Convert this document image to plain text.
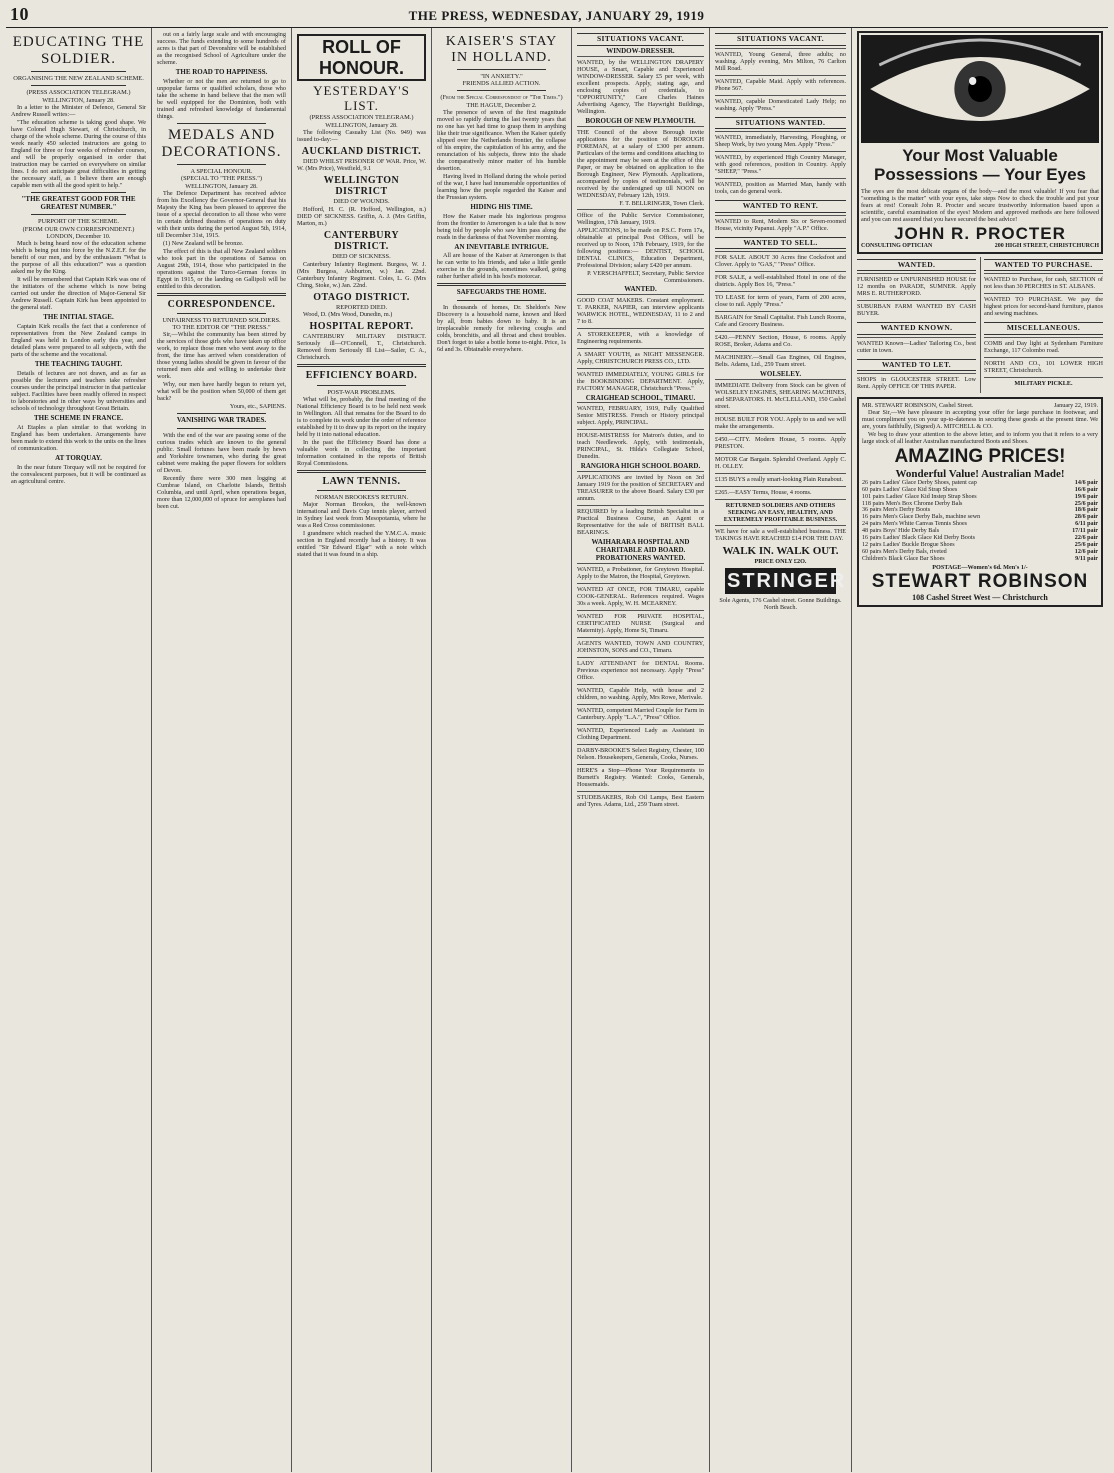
10	THE PRESS, WEDNESDAY, JANUARY 29, 1919
EDUCATING THE SOLDIER.
ORGANISING THE NEW ZEALAND SCHEME.
(PRESS ASSOCIATION TELEGRAM.)
WELLINGTON, January 28.

In a letter to the Minister of Defence, General Sir Andrew Russell writes:—

"The education scheme is taking good shape. We have Colonel Hugh Stewart, of Christchurch, in charge of the whole scheme. During the course of this week nearly 450 selected instructors are going to England for three or four weeks of refresher courses, and will be properly organised in order that instruction may be carried on everywhere on similar lines. I do not anticipate great difficulties in getting the necessary staff, as I believe there are enough capable men with all the good spirit to help."

"THE GREATEST GOOD FOR THE GREATEST NUMBER."
PURPORT OF THE SCHEME.
(FROM OUR OWN CORRESPONDENT.)
LONDON, December 10.

Much is being heard now of the education scheme which is being put into force by the N.Z.E.F. for the benefit of our men, and by the enthusiasm "What is the purpose of all this education?" was a question asked me by the King.

It will be remembered that Captain Kirk was one of the initiators of the scheme which is now being carried out under the direction of Major-General Sir Andrew Russell. Captain Kirk has been appointed to the general staff.

THE INITIAL STAGE.

Captain Kirk recalls the fact that a conference of representatives from the New Zealand camps in England was held in London early this year, and detailed plans were prepared to all subjects, with the parts of the scheme and the vocational.

THE TEACHING TAUGHT.

Details of lectures are not drawn, and as far as possible the lecturers and teachers take refresher courses under the principal instructor in that particular subject. Facilities have been readily offered in respect to laboratories and in other ways by universities and schools of technology throughout Great Britain.

THE SCHEME IN FRANCE.

At Etaples a plan similar to that working in England has been undertaken. Arrangements have been made to extend this work to the units on the lines of communication.

AT TORQUAY.

In the near future Torquay will not be required for the convalescent purposes, but it will be continued as an agricultural centre.

out on a fairly large scale and with encouraging success. The funds extending to some hundreds of acres is that part of Devonshire will be established as the recognised School of Agriculture under the scheme.

THE ROAD TO HAPPINESS.

Whether or not the men are returned to go to unpopular farms or qualified scholars, those who take the scheme in hand believe that the men will be well equipped for the Dominion, both with trained and refreshed knowledge of fundamental things.

MEDALS AND DECORATIONS.
A SPECIAL HONOUR.
(SPECIAL TO "THE PRESS.")
WELLINGTON, January 28.

The Defence Department has received advice from his Excellency the Governor-General that his Majesty the King has been pleased to approve the issue of a special decoration to all those who were in certain defined theatres of operations on duty with their units during the period August 5th, 1914, till December 31st, 1915.

(1) New Zealand will be bronze.

The effect of this is that all New Zealand soldiers who took part in the operations of Samoa on August 29th, 1914, those who participated in the operations against the Turco-German forces in Egypt in 1915, or the landing on Gallipoli will be entitled to this decoration.

CORRESPONDENCE.
UNFAIRNESS TO RETURNED SOLDIERS.
TO THE EDITOR OF "THE PRESS."

Sir,—Whilst the community has been stirred by the services of those girls who have taken up office work, to replace those men who went away to the front, the time has arrived when consideration of those young ladies should be given in favour of the returned men able and willing to undertake their work.

Why, our men have hardly begun to return yet, what will be the position when 50,000 of them get back?

Yours, etc., SAPIENS.
VANISHING WAR TRADES.

With the end of the war are passing some of the curious trades which are known to the general public. Small fortunes have been made by hewn and Yorkshire townsmen, who during the great cabinet were making the paper flowers for soldiers of Devon.

Recently there were 300 men logging at Cumbrae Island, on Charlotte Islands, British Columbia, and until April, when operations began, more than 12,000,000 of spruce for aeroplanes had been cut.

ROLL OF HONOUR.
YESTERDAY'S LIST.
(PRESS ASSOCIATION TELEGRAM.)
WELLINGTON, January 28.

The following Casualty List (No. 949) was issued to-day:—

AUCKLAND DISTRICT.

DIED WHILST PRISONER OF WAR. Price, W. W. (Mrs Price), Westfield, 9.1

WELLINGTON DISTRICT
DIED OF WOUNDS.

Hofford, H. C. (R. Hofford, Wellington, n.) DIED OF SICKNESS. Griffin, A. J. (Mrs Griffin, Marton, m.)

CANTERBURY DISTRICT.
DIED OF SICKNESS.

Canterbury Infantry Regiment. Burgess, W. J. (Mrs Burgess, Ashburton, w.) Jan. 22nd. Canterbury Infantry Regiment. Coles, L. G. (Mrs Ching, Stoke, w.) Jan. 22nd.

OTAGO DISTRICT.
REPORTED DIED.

Wood, D. (Mrs Wood, Dunedin, m.)

HOSPITAL REPORT.

CANTERBURY MILITARY DISTRICT. Seriously ill—O'Connell, T., Christchurch. Removed from Seriously Ill List—Sailer, C. A., Christchurch.

EFFICIENCY BOARD.
POST-WAR PROBLEMS.

What will be, probably, the final meeting of the National Efficiency Board is to be held next week in Wellington. All that remains for the Board to do is to complete its work under the order of reference established by it to draw up its report on the inquiry held by it into national education.

In the past the Efficiency Board has done a valuable work in collecting the important information contained in the reports of British Royal Commissions.

LAWN TENNIS.
NORMAN BROOKES'S RETURN.

Major Norman Brookes, the well-known international and Davis Cup tennis player, arrived in Sydney last week from Mesopotamia, where he was a Red Cross commissioner.

I grandmere which reached the Y.M.C.A. music section in England recently had a history. It was entitled "Sir Edward Elgar" with a note which stated that it was found in a ship.

KAISER'S STAY IN HOLLAND.
"IN ANXIETY."
FRIENDS ALLIED ACTION.
(From the Special Correspondent of "The Times.")
THE HAGUE, December 2.

The presence of seven of the first magnitude moved so rapidly during the last twenty years that no one has yet had time to grasp them in anything like their true significance. When the Kaiser quietly slipped over the Netherlands frontier, the collapse of his empire, the capitulation of his army, and the renunciation of his subjects, threw into the shade the comparatively minor matter of his humble desertion.

Having lived in Holland during the whole period of the war, I have had innumerable opportunities of learning how the people regarded the Kaiser and the Prussian system.

HIDING HIS TIME.

How the Kaiser made his inglorious progress from the frontier to Amerongen is a tale that is now being told by people who saw him pass along the roads in the darkness of that November morning.

AN INEVITABLE INTRIGUE.

All are house of the Kaiser at Amerongen is that he can write to his friends, and take a little gentle exercise in the grounds, sometimes walked, going rather further afield in his host's motorcar.

SAFEGUARDS THE HOME.

In thousands of homes, Dr. Sheldon's New Discovery is a household name, known and liked by all, from babies down to baby. It is an irreplaceable remedy for relieving coughs and colds, bronchitis, and all throat and chest troubles. Don't forget to take a bottle home to-night. Price, 1s 6d and 3s. Obtainable everywhere.

SITUATIONS VACANT.
WINDOW-DRESSER.

WANTED, by the WELLINGTON DRAPERY HOUSE, a Smart, Capable and Experienced WINDOW-DRESSER. Salary £5 per week, with excellent prospects. Apply, stating age, and enclosing copies of credentials, to "OPPORTUNITY," Care Charles Haines Advertising Agency, The Haywright Buildings, Wellington.

BOROUGH OF NEW PLYMOUTH.

THE Council of the above Borough invite applications for the position of BOROUGH FOREMAN, at a salary of £300 per annum. Particulars of the terms and conditions attaching to the appointment may be seen at the office of this Paper, or may be obtained on application to the Borough Engineer, New Plymouth. Applications, accompanied by copies of testimonials, will be received by the undersigned up till NOON on WEDNESDAY, February 12th, 1919.

F. T. BELLRINGER, Town Clerk.

Office of the Public Service Commissioner, Wellington, 17th January, 1919.

APPLICATIONS, to be made on P.S.C. Form 17a, obtainable at principal Post Offices, will be received up to Noon, 17th February, 1919, for the following positions:— DENTIST, SCHOOL DENTAL CLINICS, Education Department, Professional Division; salary £420 per annum.

P. VERSCHAFFELT, Secretary, Public Service Commissioners.
WANTED.

GOOD COAT MAKERS. Constant employment. T. PARKER, NAPIER, can interview applicants WARWICK HOTEL, WEDNESDAY, 11 to 2 and 7 to 8.

A STOREKEEPER, with a knowledge of Engineering requirements.

A SMART YOUTH, as NIGHT MESSENGER. Apply, CHRISTCHURCH PRESS CO., LTD.

WANTED IMMEDIATELY, YOUNG GIRLS for the BOOKBINDING DEPARTMENT. Apply, FACTORY MANAGER, Christchurch "Press."

CRAIGHEAD SCHOOL, TIMARU.

WANTED, FEBRUARY, 1919, Fully Qualified Senior MISTRESS. French or History principal subject. Apply, PRINCIPAL.

HOUSE-MISTRESS for Matron's duties, and to teach Needlework. Apply, with testimonials, PRINCIPAL, St. Hilda's Collegiate School, Dunedin.

RANGIORA HIGH SCHOOL BOARD.

APPLICATIONS are invited by Noon on 3rd January 1919 for the position of SECRETARY and TREASURER to the above Board. Salary £30 per annum.

REQUIRED by a leading British Specialist in a Practical Business Course, an Agent or Representative for the sale of BRITISH BALL BEARINGS.

WAIHARARA HOSPITAL AND CHARITABLE AID BOARD.
PROBATIONERS WANTED.

WANTED, a Probationer, for Greytown Hospital. Apply to the Matron, the Hospital, Greytown.

WANTED AT ONCE, FOR TIMARU, capable COOK-GENERAL. References required. Wages 30s a week. Apply, W. H. MCEARNEY.

WANTED FOR PRIVATE HOSPITAL, CERTIFICATED NURSE (Surgical and Maternity). Apply, Home St, Timaru.

AGENTS WANTED, TOWN AND COUNTRY, JOHNSTON, SONS and CO., Timaru.

LADY ATTENDANT for DENTAL Rooms. Previous experience not necessary. Apply "Press" Office.

WANTED, Capable Help, with house and 2 children, no washing. Apply, Mrs Rowe, Merivale.

WANTED, competent Married Couple for Farm in Canterbury. Apply "L.A.", "Press" Office.

WANTED, Experienced Lady as Assistant in Clothing Department.

DARBY-BROOKE'S Select Registry, Chester, 100 Nelson. Housekeepers, Generals, Cooks, Nurses.

HERE'S a Stop—Phone Your Requirements to Burnett's Registry. Wanted: Cooks, Generals, Housemaids.

STUDEBAKERS, Rob Oil Lamps, Best Eastern and Tyres. Adams, Ltd., 259 Tuam street.

SITUATIONS VACANT.

WANTED, Young General, three adults; no washing. Apply evening, Mrs Milton, 76 Carlton Mill Road.

WANTED, Capable Maid. Apply with references. Phone 567.

WANTED, capable Domesticated Lady Help; no washing. Apply "Press."

SITUATIONS WANTED.

WANTED, immediately, Harvesting, Ploughing, or Sheep Work, by two young Men. Apply "Press."

WANTED, by experienced High Country Manager, with good references, position in Country. Apply "SHEEP," "Press."

WANTED, position as Married Man, handy with tools, can do general work.

WANTED TO RENT.

WANTED to Rent, Modern Six or Seven-roomed House, vicinity Papanui. Apply "A.P." Office.

WANTED TO SELL.

FOR SALE. ABOUT 30 Acres fine Cocksfoot and Clover. Apply to "GAS," "Press" Office.

FOR SALE, a well-established Hotel in one of the districts. Apply Box 16, "Press."

TO LEASE for term of years, Farm of 200 acres, close to rail. Apply "Press."

BARGAIN for Small Capitalist. Fish Lunch Rooms, Cafe and Grocery Business.

£420.—PENNY Section, House, 6 rooms. Apply ROSE, Broker, Adams and Co.

MACHINERY.—Small Gas Engines, Oil Engines, Belts. Adams, Ltd., 259 Tuam street.

WOLSELEY.

IMMEDIATE Delivery from Stock can be given of WOLSELEY ENGINES, SHEARING MACHINES, and SEPARATORS. H. McCLELLAND, 150 Cashel street.

HOUSE BUILT FOR YOU. Apply to us and we will make the arrangements.

£450.—CITY. Modern House, 5 rooms. Apply PRESTON.

MOTOR Car Bargain. Splendid Overland. Apply C. H. OLLEY.

£135 BUYS a really smart-looking Plain Runabout.

£265.—EASY Terms, House, 4 rooms.

RETURNED SOLDIERS AND OTHERS SEEKING AN EASY, HEALTHY, AND EXTREMELY PROFITABLE BUSINESS.

WE have for sale a well-established business. THE TAKINGS HAVE REACHED £14 FOR THE DAY.

WALK IN. WALK OUT.
PRICE ONLY £2O.
STRINGER
Sole Agents, 176 Cashel street. Gonne Buildings. North Beach.
Your Most Valuable Possessions — Your Eyes

The eyes are the most delicate organs of the body—and the most valuable! If you fear that "something is the matter" with your eyes, take steps Now to check the trouble and put your fears at rest! Consult John R. Procter and secure trustworthy information based upon a scientific, careful examination of the eyes! Modern and approved methods are here followed and you can rest assured that you have secured the best advice!

JOHN R. PROCTER
CONSULTING OPTICIAN	200 HIGH STREET, CHRISTCHURCH
WANTED.

FURNISHED or UNFURNISHED HOUSE for 12 months on PARADE, SUMNER. Apply MRS E. RUTHERFORD.

SUBURBAN FARM WANTED BY CASH BUYER.

WANTED KNOWN.

WANTED Known—Ladies' Tailoring Co., best cutter in town.

WANTED TO LET.

SHOPS in GLOUCESTER STREET. Low Rent. Apply OFFICE OF THIS PAPER.

WANTED TO PURCHASE.

WANTED to Purchase, for cash, SECTION of not less than 30 PERCHES in ST. ALBANS.

WANTED TO PURCHASE. We pay the highest prices for second-hand furniture, pianos and sewing machines.

MISCELLANEOUS.

COMB and Day light at Sydenham Furniture Exchange, 117 Colombo road.

NORTH AND CO., 101 LOWER HIGH STREET, Christchurch.

MILITARY PICKLE.
MR. STEWART ROBINSON, Cashel Street.	January 22, 1919.

Dear Sir,—We have pleasure in accepting your offer for large purchase in footwear, and must compliment you on your up-to-dateness in securing these goods at the present time. We are, yours faithfully, (Signed) A. MITCHELL & CO.

We beg to draw your attention to the above letter, and to inform you that it refers to a very large stock of all leather Australian manufactured Boots and Shoes.

AMAZING PRICES!
Wonderful Value! Australian Made!
26 pairs Ladies' Glace Derby Shoes, patent cap	14/6 pair
60 pairs Ladies' Glace Kid Strap Shoes	16/6 pair
101 pairs Ladies' Glace Kid Instep Strap Shoes	19/6 pair
118 pairs Men's Box Chrome Derby Bals	25/6 pair
36 pairs Men's Derby Boots	18/6 pair
16 pairs Men's Glace Derby Bals, machine sewn	28/6 pair
24 pairs Men's White Canvas Tennis Shoes	6/11 pair
48 pairs Boys' Hide Derby Bals	17/11 pair
16 pairs Ladies' Black Glace Kid Derby Boots	22/6 pair
12 pairs Ladies' Buckle Brogue Shoes	25/6 pair
60 pairs Men's Derby Bals, riveted	12/6 pair
Children's Black Glace Bar Shoes	9/11 pair
POSTAGE—Women's 6d. Men's 1/-
STEWART ROBINSON
108 Cashel Street West — Christchurch
